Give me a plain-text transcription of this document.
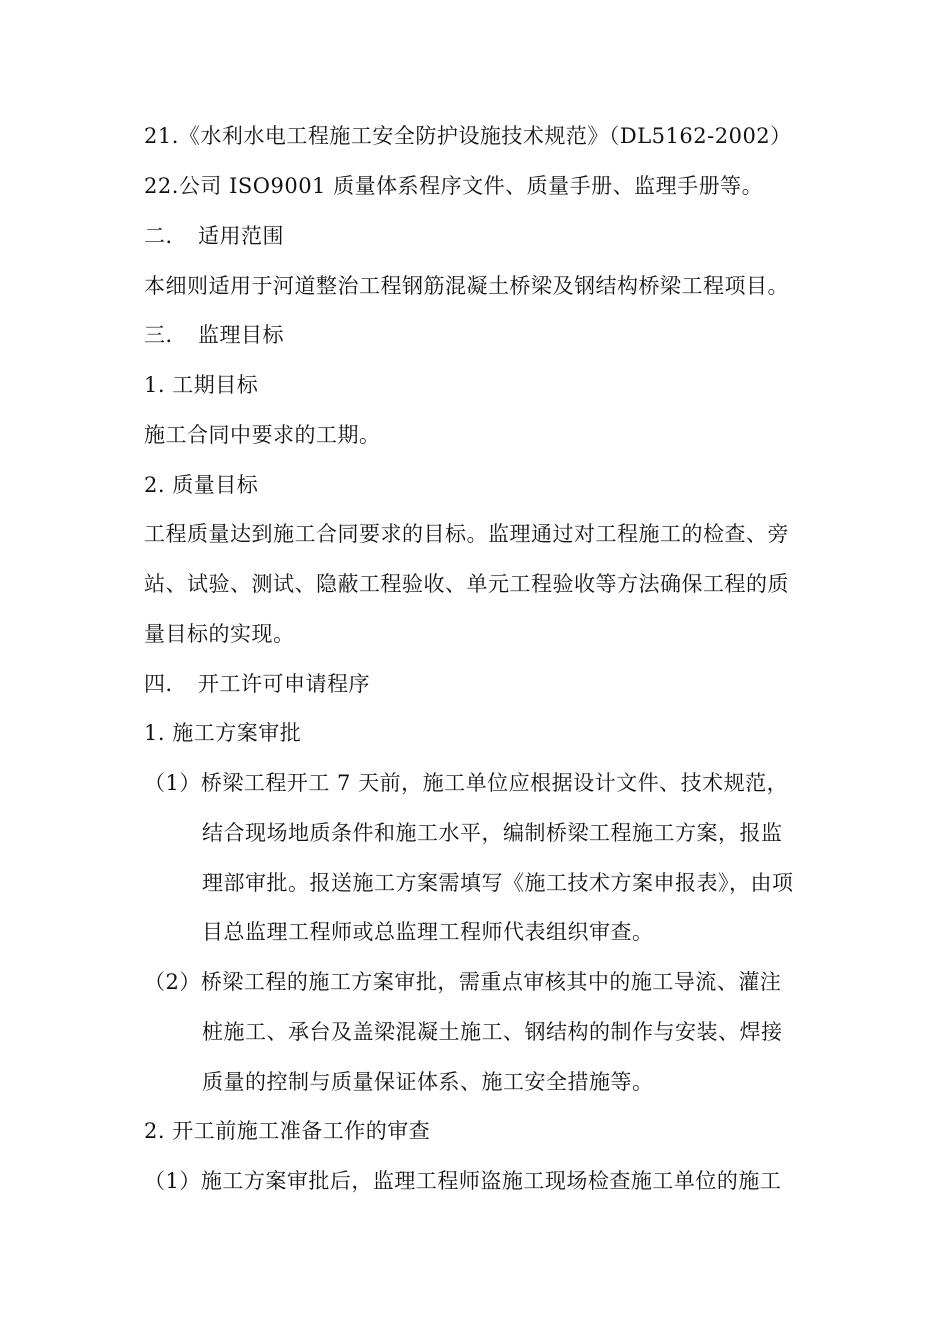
21.《水利水电工程施工安全防护设施技术规范》（DL5162-2002）
22.公司 ISO9001 质量体系程序文件、质量手册、监理手册等。
二．　适用范围
本细则适用于河道整治工程钢筋混凝土桥梁及钢结构桥梁工程项目。
三．　监理目标
1. 工期目标
施工合同中要求的工期。
2. 质量目标
工程质量达到施工合同要求的目标。监理通过对工程施工的检查、旁
站、试验、测试、隐蔽工程验收、单元工程验收等方法确保工程的质
量目标的实现。
四．　开工许可申请程序
1. 施工方案审批
（1）桥梁工程开工 7 天前，施工单位应根据设计文件、技术规范，
结合现场地质条件和施工水平，编制桥梁工程施工方案，报监
理部审批。报送施工方案需填写《施工技术方案申报表》，由项
目总监理工程师或总监理工程师代表组织审查。
（2）桥梁工程的施工方案审批，需重点审核其中的施工导流、灌注
桩施工、承台及盖梁混凝土施工、钢结构的制作与安装、焊接
质量的控制与质量保证体系、施工安全措施等。
2. 开工前施工准备工作的审查
（1）施工方案审批后，监理工程师盗施工现场检查施工单位的施工
